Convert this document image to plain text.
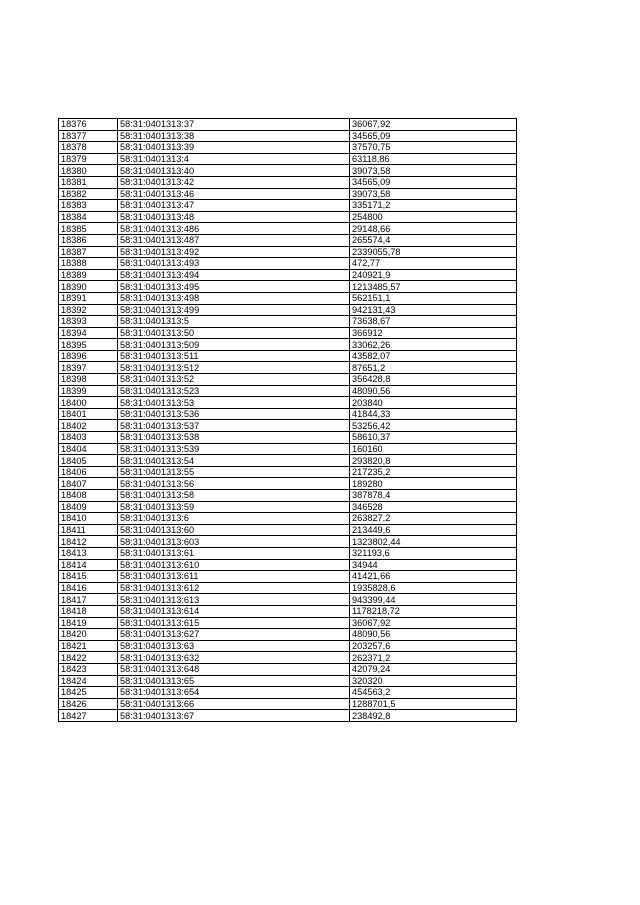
18376	58:31:0401313:37	36067,92
18377	58:31:0401313:38	34565,09
18378	58:31:0401313:39	37570,75
18379	58:31:0401313:4	63118,86
18380	58:31:0401313:40	39073,58
18381	58:31:0401313:42	34565,09
18382	58:31:0401313:46	39073,58
18383	58:31:0401313:47	335171,2
18384	58:31:0401313:48	254800
18385	58:31:0401313:486	29148,66
18386	58:31:0401313:487	265574,4
18387	58:31:0401313:492	2339055,78
18388	58:31:0401313:493	472,77
18389	58:31:0401313:494	240921,9
18390	58:31:0401313:495	1213485,57
18391	58:31:0401313:498	562151,1
18392	58:31:0401313:499	942131,43
18393	58:31:0401313:5	73638,67
18394	58:31:0401313:50	366912
18395	58:31:0401313:509	33062,26
18396	58:31:0401313:511	43582,07
18397	58:31:0401313:512	87651,2
18398	58:31:0401313:52	356428,8
18399	58:31:0401313:523	48090,56
18400	58:31:0401313:53	203840
18401	58:31:0401313:536	41844,33
18402	58:31:0401313:537	53256,42
18403	58:31:0401313:538	58610,37
18404	58:31:0401313:539	160160
18405	58:31:0401313:54	293820,8
18406	58:31:0401313:55	217235,2
18407	58:31:0401313:56	189280
18408	58:31:0401313:58	387878,4
18409	58:31:0401313:59	346528
18410	58:31:0401313:6	263827,2
18411	58:31:0401313:60	213449,6
18412	58:31:0401313:603	1323802,44
18413	58:31:0401313:61	321193,6
18414	58:31:0401313:610	34944
18415	58:31:0401313:611	41421,66
18416	58:31:0401313:612	1935828,6
18417	58:31:0401313:613	943399,44
18418	58:31:0401313:614	1178218,72
18419	58:31:0401313:615	36067,92
18420	58:31:0401313:627	48090,56
18421	58:31:0401313:63	203257,6
18422	58:31:0401313:632	262371,2
18423	58:31:0401313:648	42079,24
18424	58:31:0401313:65	320320
18425	58:31:0401313:654	454563,2
18426	58:31:0401313:66	1288701,5
18427	58:31:0401313:67	238492,8
